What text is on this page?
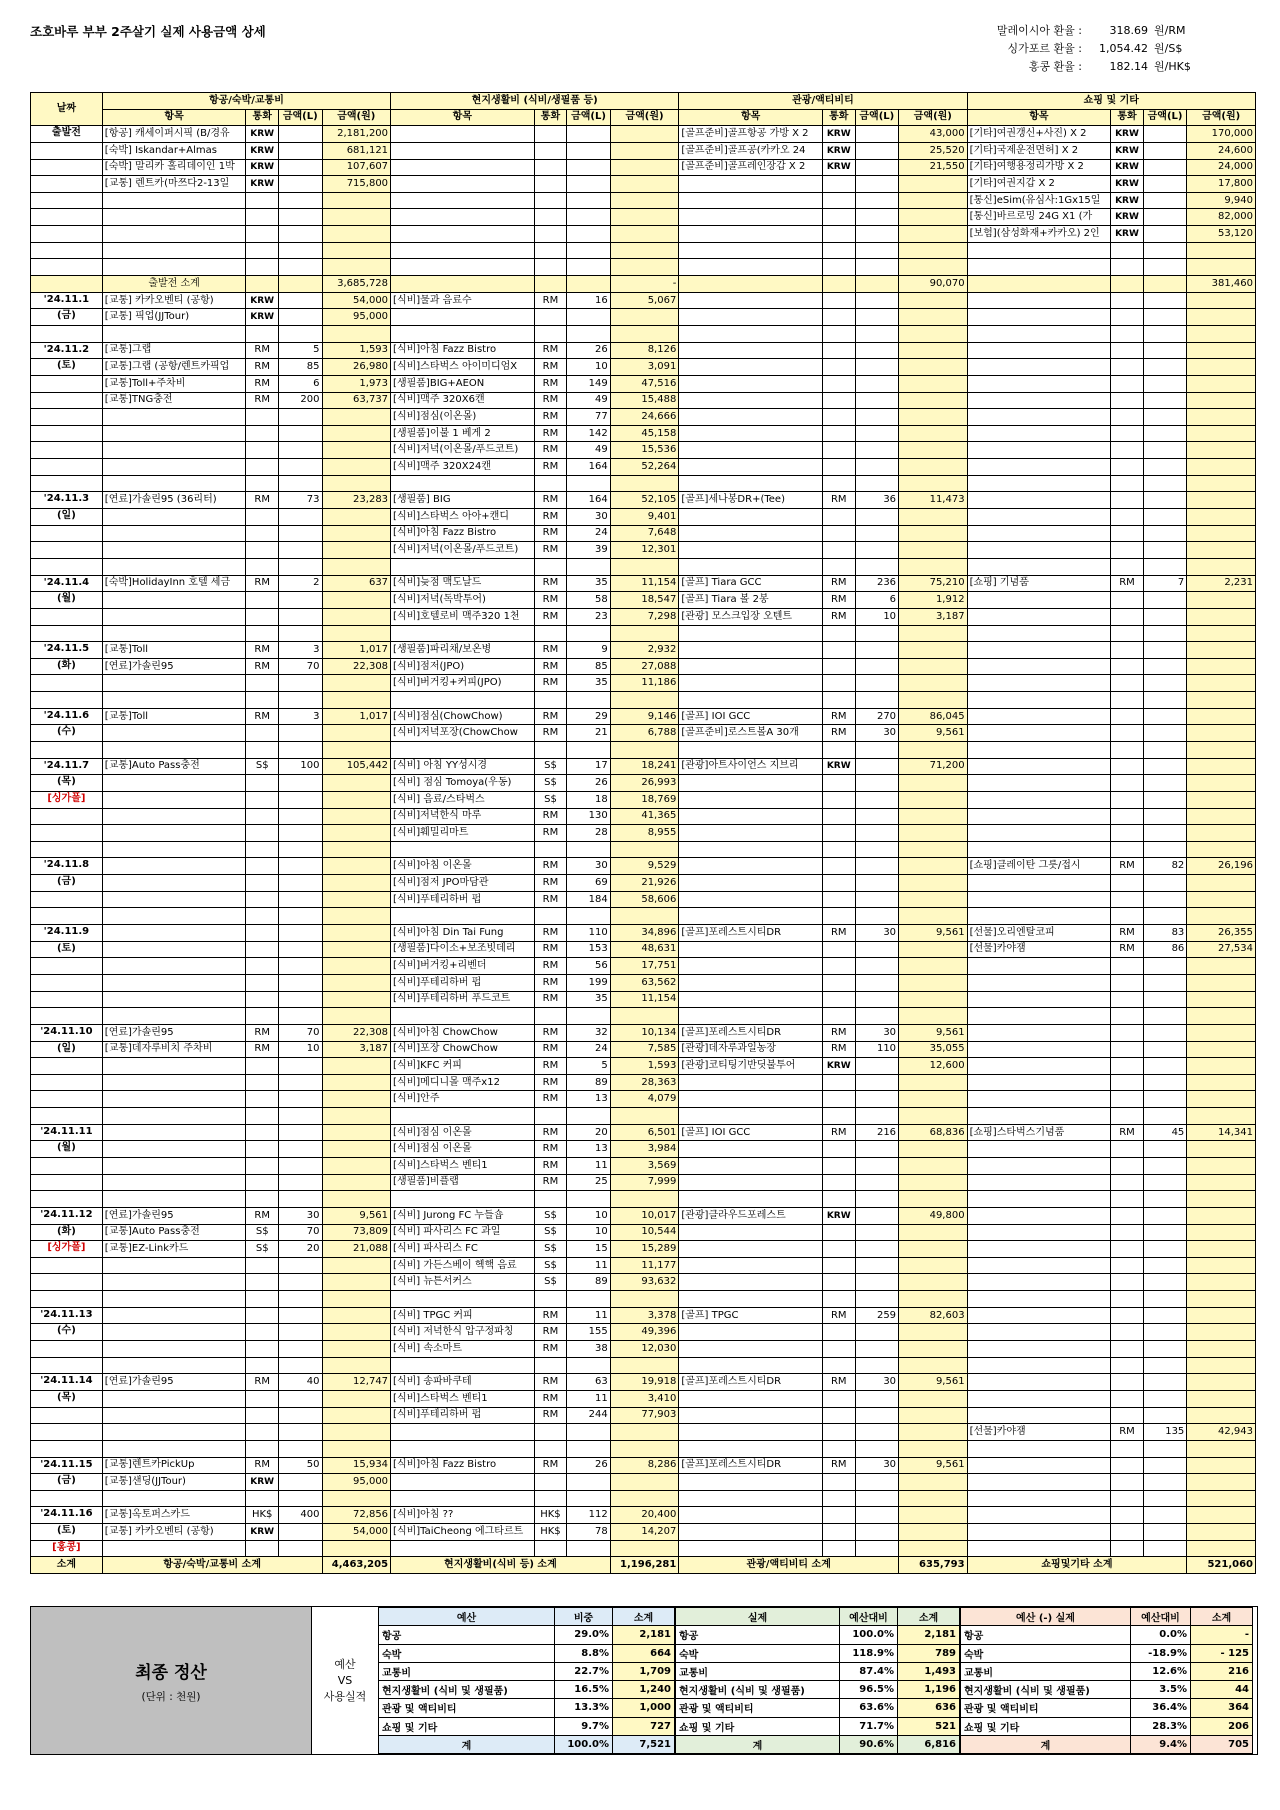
조호바루 부부 2주살기 실제 사용금액 상세	말레이시아 환율 :	318.69 원/RM
싱가포르 환율 :	1,054.42 원/S$
홍콩 환율 :	182.14 원/HK$
날짜	항공/숙박/교통비				현지생활비 (식비/생필품 등)				관광/액티비티				쇼핑 및 기타			
	항목	통화	금액(L)	금액(원)	항목	통화	금액(L)	금액(원)	항목	통화	금액(L)	금액(원)	항목	통화	금액(L)	금액(원)
출발전	[항공] 캐세이퍼시픽 (B/경유	KRW		2,181,200					[골프준비]골프항공 가방 X 2	KRW		43,000	[기타]여권갱신+사진) X 2	KRW		170,000
	[숙박] Iskandar+Almas	KRW		681,121					[골프준비]골프공(카카오 24	KRW		25,520	[기타]국제운전면허] X 2	KRW		24,600
	[숙박] 말리카 홀리데이인 1박	KRW		107,607					[골프준비]골프레인장갑 X 2	KRW		21,550	[기타]여행용정리가방 X 2	KRW		24,000
	[교통] 렌트카(마쯔다2-13일	KRW		715,800									[기타]여권지갑 X 2	KRW		17,800
													[통신]eSim(유심사:1Gx15일	KRW		9,940
													[통신]바르로밍 24G X1 (가	KRW		82,000
													[보험](삼성화재+카카오) 2인	KRW		53,120

	출발전 소계			3,685,728				-				90,070				381,460
'24.11.1	[교통] 카카오벤티 (공항)	KRW		54,000	[식비]물과 음료수	RM	16	5,067								
(금)	[교통] 픽업(JJTour)	KRW		95,000												

'24.11.2	[교통]그랩	RM	5	1,593	[식비]아침 Fazz Bistro	RM	26	8,126								
(토)	[교통]그랩 (공항/렌트카픽업	RM	85	26,980	[식비]스타벅스 아이미디엄X	RM	10	3,091								
	[교통]Toll+주차비	RM	6	1,973	[생필품]BIG+AEON	RM	149	47,516								
	[교통]TNG충전	RM	200	63,737	[식비]맥주 320X6캔	RM	49	15,488								
					[식비]점심(이온몰)	RM	77	24,666								
					[생필품]이불 1 베게 2	RM	142	45,158								
					[식비]저녁(이온몰/푸드코트)	RM	49	15,536								
					[식비]맥주 320X24캔	RM	164	52,264								

'24.11.3	[연료]가솔린95 (36리터)	RM	73	23,283	[생필품] BIG	RM	164	52,105	[골프]세나봉DR+(Tee)	RM	36	11,473				
(일)					[식비]스타벅스 아아+캔디	RM	30	9,401								
					[식비]아침 Fazz Bistro	RM	24	7,648								
					[식비]저녁(이온몰/푸드코트)	RM	39	12,301								

'24.11.4	[숙박]HolidayInn 호텔 세금	RM	2	637	[식비]늦점 맥도날드	RM	35	11,154	[골프] Tiara GCC	RM	236	75,210	[쇼핑] 기념품	RM	7	2,231
(월)					[식비]저녁(독박투어)	RM	58	18,547	[골프] Tiara 볼 2봉	RM	6	1,912				
					[식비]호텔로비 맥주320 1천	RM	23	7,298	[관광] 모스크입장 오텐트	RM	10	3,187				

'24.11.5	[교통]Toll	RM	3	1,017	[생필품]파리채/보온병	RM	9	2,932								
(화)	[연료]가솔린95	RM	70	22,308	[식비]점저(JPO)	RM	85	27,088								
					[식비]버거킹+커피(JPO)	RM	35	11,186								

'24.11.6	[교통]Toll	RM	3	1,017	[식비]점심(ChowChow)	RM	29	9,146	[골프] IOI GCC	RM	270	86,045				
(수)					[식비]저녁포장(ChowChow	RM	21	6,788	[골프준비]로스트볼A 30개	RM	30	9,561				

'24.11.7	[교통]Auto Pass충전	S$	100	105,442	[식비] 아침 YY성시경	S$	17	18,241	[관광]아트사이언스 지브리	KRW		71,200				
(목)					[식비] 점심 Tomoya(우동)	S$	26	26,993								
[싱가폴]					[식비] 음료/스타벅스	S$	18	18,769								
					[식비]저녁한식 마루	RM	130	41,365								
					[식비]훼밀리마트	RM	28	8,955								

'24.11.8					[식비]아침 이온몰	RM	30	9,529					[쇼핑]클레이탄 그릇/접시	RM	82	26,196
(금)					[식비]점저 JPO마담관	RM	69	21,926								
					[식비]푸테리하버 펍	RM	184	58,606								

'24.11.9					[식비]아침 Din Tai Fung	RM	110	34,896	[골프]포레스트시티DR	RM	30	9,561	[선물]오리엔탈코피	RM	83	26,355
(토)					[생필품]다이소+보조빗데리	RM	153	48,631					[선물]카야잼	RM	86	27,534
					[식비]버거킹+리벤더	RM	56	17,751								
					[식비]푸테리하버 펍	RM	199	63,562								
					[식비]푸테리하버 푸드코트	RM	35	11,154								

'24.11.10	[연료]가솔린95	RM	70	22,308	[식비]아침 ChowChow	RM	32	10,134	[골프]포레스트시티DR	RM	30	9,561				
(일)	[교통]데자루비치 주차비	RM	10	3,187	[식비]포장 ChowChow	RM	24	7,585	[관광]데자루과일농장	RM	110	35,055				
					[식비]KFC 커피	RM	5	1,593	[관광]코티팅기반딧불투어	KRW		12,600				
					[식비]메디니몰 맥주x12	RM	89	28,363								
					[식비]안주	RM	13	4,079								

'24.11.11					[식비]점심 이온몰	RM	20	6,501	[골프] IOI GCC	RM	216	68,836	[쇼핑]스타벅스기념품	RM	45	14,341
(월)					[식비]점심 이온몰	RM	13	3,984								
					[식비]스타벅스 벤티1	RM	11	3,569								
					[생필품]비플랩	RM	25	7,999								

'24.11.12	[연료]가솔린95	RM	30	9,561	[식비] Jurong FC 누들숍	S$	10	10,017	[관광]클라우드포레스트	KRW		49,800				
(화)	[교통]Auto Pass충전	S$	70	73,809	[식비] 파사리스 FC 과일	S$	10	10,544								
[싱가폴]	[교통]EZ-Link카드	S$	20	21,088	[식비] 파사리스 FC	S$	15	15,289								
					[식비] 가든스베이 헥핵 음료	S$	11	11,177								
					[식비] 뉴튼서커스	S$	89	93,632								

'24.11.13					[식비] TPGC 커피	RM	11	3,378	[골프] TPGC	RM	259	82,603				
(수)					[식비] 저녁한식 압구정파칭	RM	155	49,396								
					[식비] 속소마트	RM	38	12,030								

'24.11.14	[연료]가솔린95	RM	40	12,747	[식비] 송파바쿠테	RM	63	19,918	[골프]포레스트시티DR	RM	30	9,561				
(목)					[식비]스타벅스 벤티1	RM	11	3,410								
					[식비]푸테리하버 펍	RM	244	77,903								
													[선물]카야잼	RM	135	42,943

'24.11.15	[교통]렌트카PickUp	RM	50	15,934	[식비]아침 Fazz Bistro	RM	26	8,286	[골프]포레스트시티DR	RM	30	9,561				
(금)	[교통]샌딩(JJTour)	KRW		95,000												

'24.11.16	[교통]옥토퍼스카드	HK$	400	72,856	[식비]아침 ??	HK$	112	20,400								
(토)	[교통] 카카오벤티 (공항)	KRW		54,000	[식비]TaiCheong 에그타르트	HK$	78	14,207								
[홍콩]																
소계	항공/숙박/교통비 소계			4,463,205	현지생활비(식비 등) 소계			1,196,281	관광/액티비티 소계			635,793	쇼핑및기타 소계			521,060
최종 정산
(단위 : 천원)
예산
VS
사용실적
예산	비중	소계
항공	29.0%	2,181
숙박	8.8%	664
교통비	22.7%	1,709
현지생활비 (식비 및 생필품)	16.5%	1,240
관광 및 액티비티	13.3%	1,000
쇼핑 및 기타	9.7%	727
계	100.0%	7,521
실제	예산대비	소계
항공	100.0%	2,181
숙박	118.9%	789
교통비	87.4%	1,493
현지생활비 (식비 및 생필품)	96.5%	1,196
관광 및 액티비티	63.6%	636
쇼핑 및 기타	71.7%	521
계	90.6%	6,816
예산 (-) 실제	예산대비	소계
항공	0.0%	-
숙박	-18.9%	- 125
교통비	12.6%	216
현지생활비 (식비 및 생필품)	3.5%	44
관광 및 액티비티	36.4%	364
쇼핑 및 기타	28.3%	206
계	9.4%	705
